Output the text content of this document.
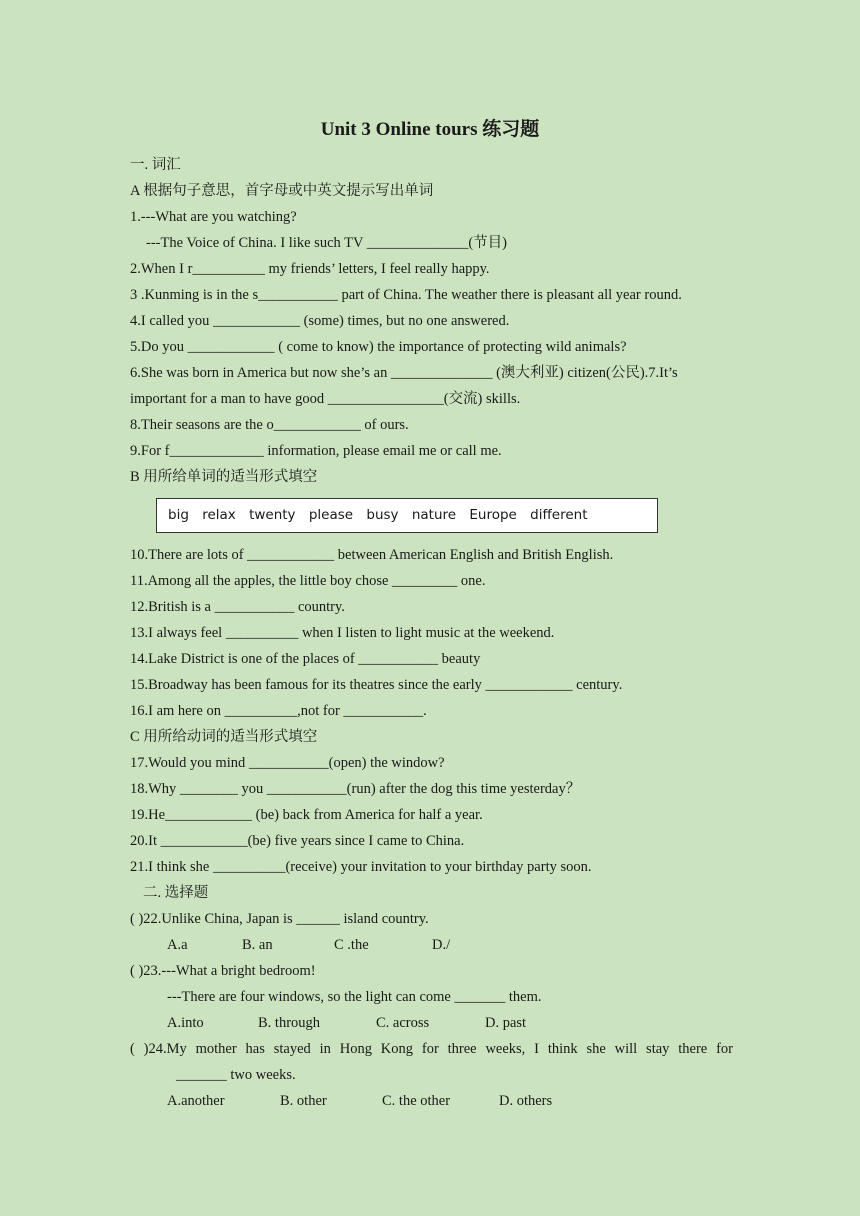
Unit 3 Online tours 练习题
一. 词汇
A 根据句子意思，首字母或中英文提示写出单词
1.---What are you watching?
---The Voice of China. I like such TV ______________(节目)
2.When I r__________ my friends’ letters, I feel really happy.
3 .Kunming is in the s___________ part of China. The weather there is pleasant all year round.
4.I called you ____________ (some) times, but no one answered.
5.Do you ____________ ( come to know) the importance of protecting wild animals?
6.She was born in America but now she’s an ______________ (澳大利亚) citizen(公民).7.It’s
important for a man to have good ________________(交流) skills.
8.Their seasons are the o____________ of ours.
9.For f_____________ information, please email me or call me.
B 用所给单词的适当形式填空
big relax twenty please busy nature Europe different
10.There are lots of ____________ between American English and British English.
11.Among all the apples, the little boy chose _________ one.
12.British is a ___________ country.
13.I always feel __________ when I listen to light music at the weekend.
14.Lake District is one of the places of ___________ beauty
15.Broadway has been famous for its theatres since the early ____________ century.
16.I am here on __________,not for ___________.
C 用所给动词的适当形式填空
17.Would you mind ___________(open) the window?
18.Why ________ you ___________(run) after the dog this time yesterday？
19.He____________ (be) back from America for half a year.
20.It ____________(be) five years since I came to China.
21.I think she __________(receive) your invitation to your birthday party soon.
二. 选择题
( )22.Unlike China, Japan is ______ island country.
A.a	B. an	C .the	D./
( )23.---What a bright bedroom!
---There are four windows, so the light can come _______ them.
A.into	B. through	C. across	D. past
( )24.My mother has stayed in Hong Kong for three weeks, I think she will stay there for
_______ two weeks.
A.another	B. other	C. the other	D. others
